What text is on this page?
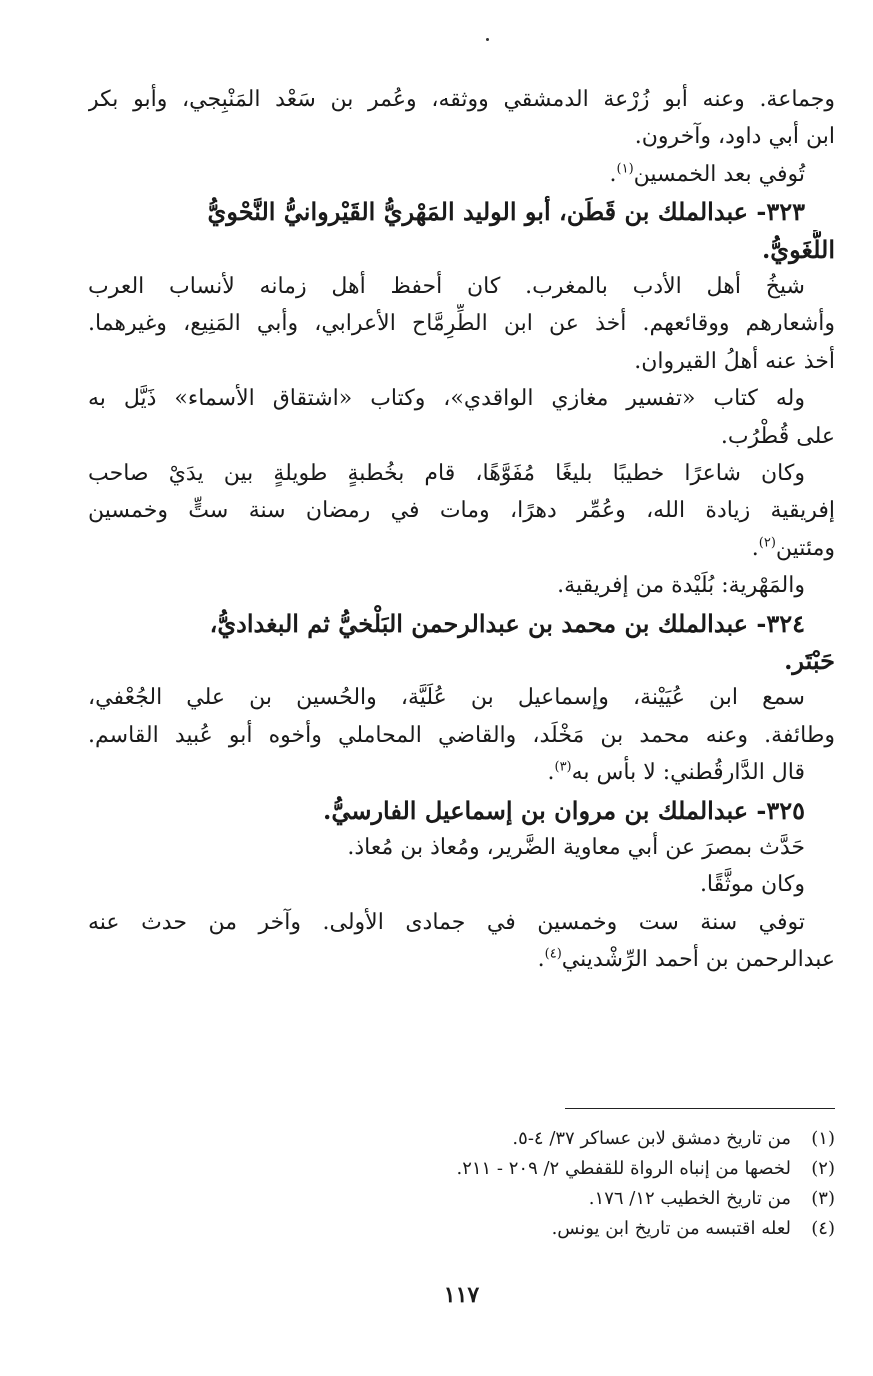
وجماعة. وعنه أبو زُرْعة الدمشقي ووثقه، وعُمر بن سَعْد المَنْبِجي، وأبو بكر
ابن أبي داود، وآخرون.
تُوفي بعد الخمسين$^{(١)}$.
٣٢٣- عبدالملك بن قَطَن، أبو الوليد المَهْريُّ القَيْروانيُّ النَّحْويُّ
اللُّغَويُّ.
شيخُ أهل الأدب بالمغرب. كان أحفظ أهل زمانه لأنساب العرب
وأشعارهم ووقائعهم. أخذ عن ابن الطِّرِمَّاح الأعرابي، وأبي المَنِيع، وغيرهما.
أخذ عنه أهلُ القيروان.
وله كتاب «تفسير مغازي الواقدي»، وكتاب «اشتقاق الأسماء» ذَيَّل به
على قُطْرُب.
وكان شاعرًا خطيبًا بليغًا مُفَوَّهًا، قام بخُطبةٍ طويلةٍ بين يدَيْ صاحب
إفريقية زيادة الله، وعُمِّر دهرًا، ومات في رمضان سنة ستٍّ وخمسين
ومئتين$^{(٢)}$.
والمَهْرية: بُلَيْدة من إفريقية.
٣٢٤- عبدالملك بن محمد بن عبدالرحمن البَلْخيُّ ثم البغداديُّ،
حَبْتَر.
سمع ابن عُيَيْنة، وإسماعيل بن عُلَيَّة، والحُسين بن علي الجُعْفي،
وطائفة. وعنه محمد بن مَخْلَد، والقاضي المحاملي وأخوه أبو عُبيد القاسم.
قال الدَّارقُطني: لا بأس به$^{(٣)}$.
٣٢٥- عبدالملك بن مروان بن إسماعيل الفارسيُّ.
حَدَّث بمصرَ عن أبي معاوية الضَّرير، ومُعاذ بن مُعاذ.
وكان موثَّقًا.
توفي سنة ست وخمسين في جمادى الأولى. وآخر من حدث عنه
عبدالرحمن بن أحمد الرِّشْديني$^{(٤)}$.
(١)من تاريخ دمشق لابن عساكر ٣٧/ ٤-٥.
(٢)لخصها من إنباه الرواة للقفطي ٢/ ٢٠٩ - ٢١١.
(٣)من تاريخ الخطيب ١٢/ ١٧٦.
(٤)لعله اقتبسه من تاريخ ابن يونس.
١١٧
